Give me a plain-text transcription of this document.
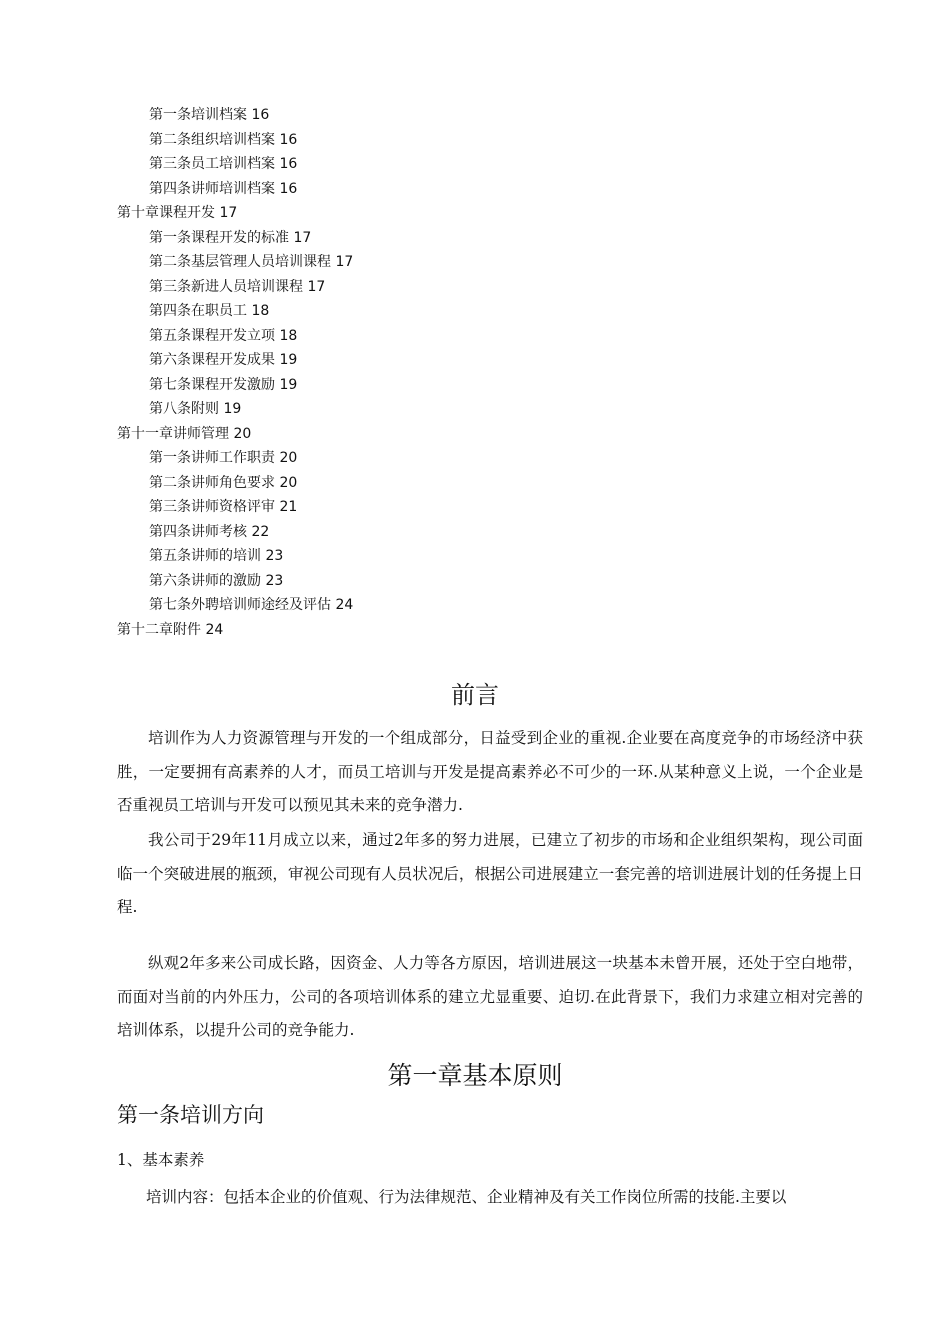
第一条培训档案 16
第二条组织培训档案 16
第三条员工培训档案 16
第四条讲师培训档案 16
第十章课程开发 17
第一条课程开发的标准 17
第二条基层管理人员培训课程 17
第三条新进人员培训课程 17
第四条在职员工 18
第五条课程开发立项 18
第六条课程开发成果 19
第七条课程开发激励 19
第八条附则 19
第十一章讲师管理 20
第一条讲师工作职责 20
第二条讲师角色要求 20
第三条讲师资格评审 21
第四条讲师考核 22
第五条讲师的培训 23
第六条讲师的激励 23
第七条外聘培训师途经及评估 24
第十二章附件 24
前言

培训作为人力资源管理与开发的一个组成部分，日益受到企业的重视.企业要在高度竞争的市场经济中获胜，一定要拥有高素养的人才，而员工培训与开发是提高素养必不可少的一环.从某种意义上说，一个企业是否重视员工培训与开发可以预见其未来的竞争潜力.

我公司于29年11月成立以来，通过2年多的努力进展，已建立了初步的市场和企业组织架构，现公司面临一个突破进展的瓶颈，审视公司现有人员状况后，根据公司进展建立一套完善的培训进展计划的任务提上日程.

纵观2年多来公司成长路，因资金、人力等各方原因，培训进展这一块基本未曾开展，还处于空白地带，而面对当前的内外压力，公司的各项培训体系的建立尤显重要、迫切.在此背景下，我们力求建立相对完善的培训体系，以提升公司的竞争能力.

第一章基本原则
第一条培训方向
1、基本素养

培训内容：包括本企业的价值观、行为法律规范、企业精神及有关工作岗位所需的技能.主要以
